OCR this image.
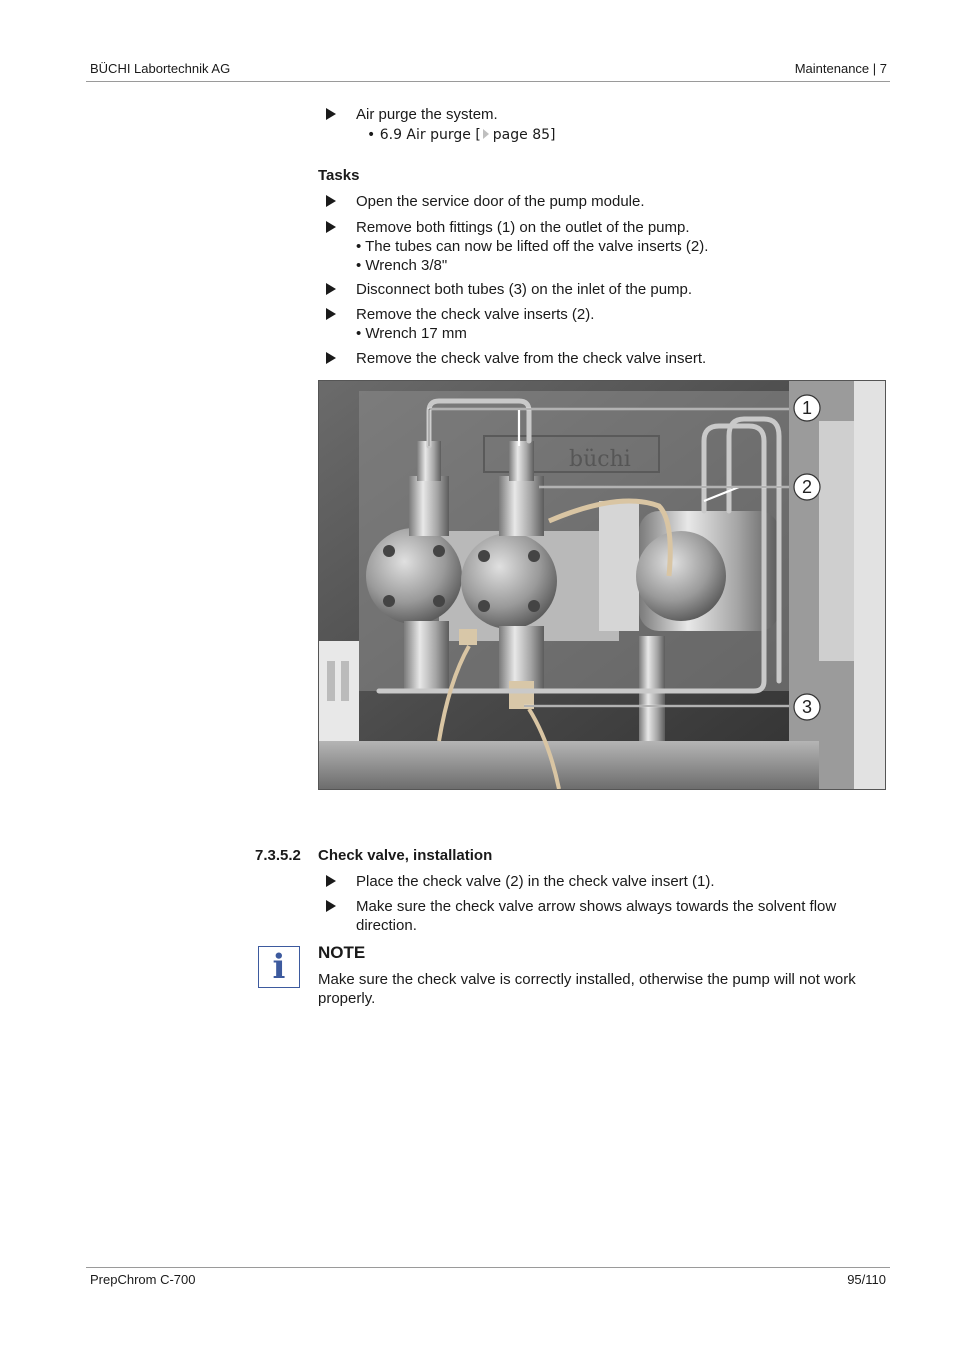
BÜCHI Labortechnik AG	Maintenance | 7
Air purge the system.
• 6.9 Air purge [ page 85]
Tasks
Open the service door of the pump module.
Remove both fittings (1) on the outlet of the pump.
• The tubes can now be lifted off the valve inserts (2).
• Wrench 3/8"
Disconnect both tubes (3) on the inlet of the pump.
Remove the check valve inserts (2).
• Wrench 17 mm
Remove the check valve from the check valve insert.
1
2
3
büchi
7.3.5.2 Check valve, installation
Place the check valve (2) in the check valve insert (1).
Make sure the check valve arrow shows always towards the solvent flow direction.
i NOTE
Make sure the check valve is correctly installed, otherwise the pump will not work properly.
PrepChrom C-700	95/110
